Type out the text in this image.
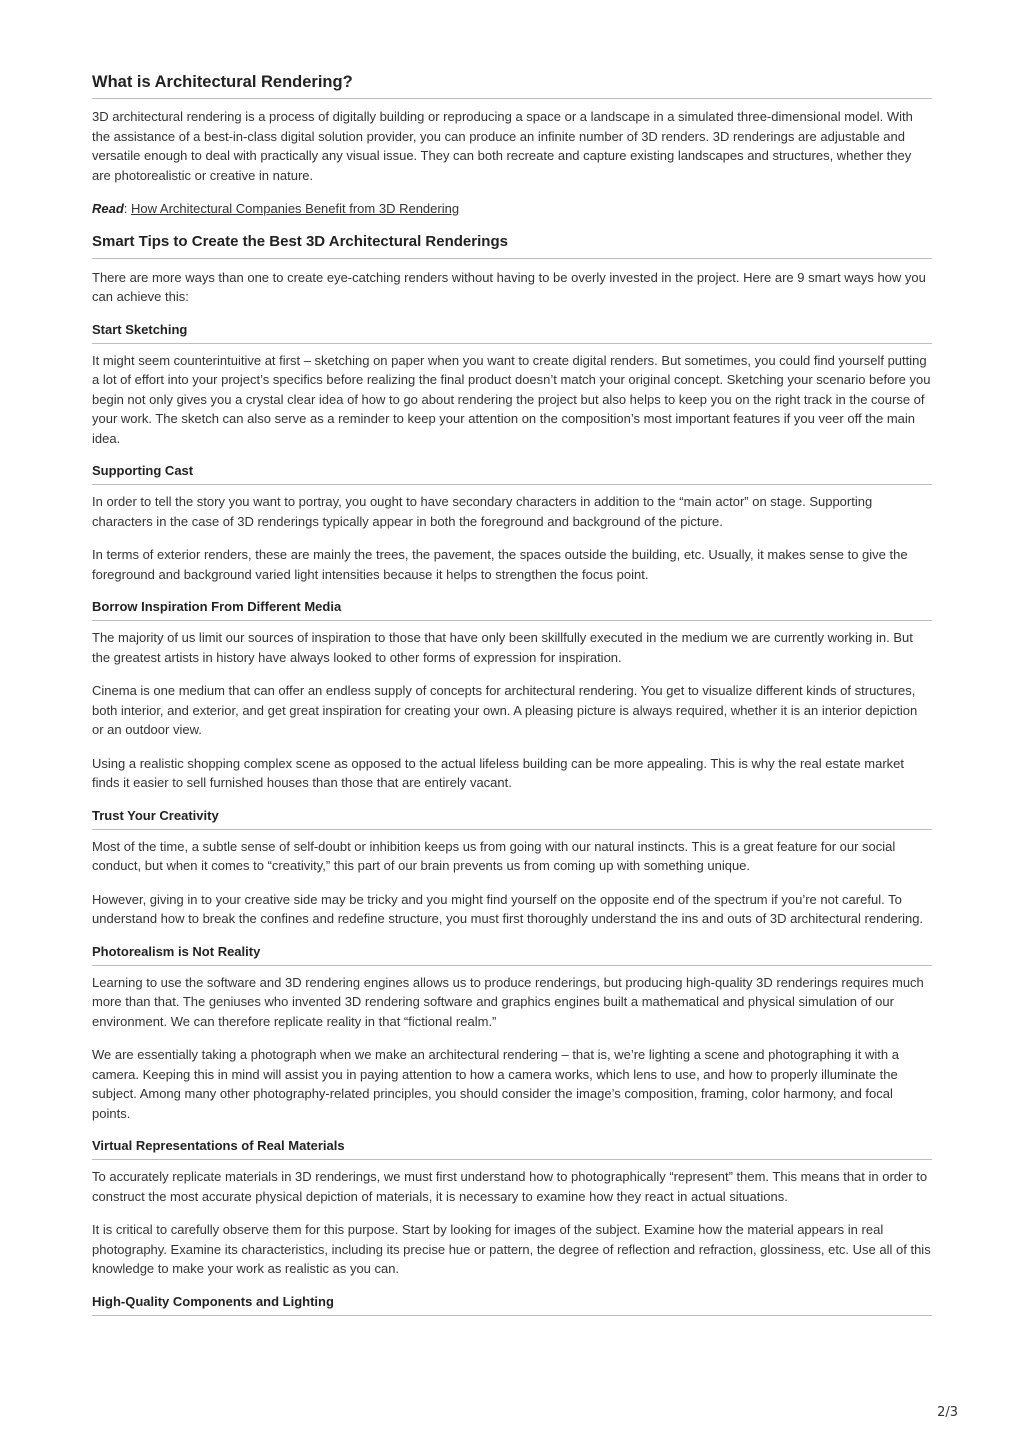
What is Architectural Rendering?

3D architectural rendering is a process of digitally building or reproducing a space or a landscape in a simulated three-dimensional model. With the assistance of a best-in-class digital solution provider, you can produce an infinite number of 3D renders. 3D renderings are adjustable and versatile enough to deal with practically any visual issue. They can both recreate and capture existing landscapes and structures, whether they are photorealistic or creative in nature.

Read: How Architectural Companies Benefit from 3D Rendering

Smart Tips to Create the Best 3D Architectural Renderings

There are more ways than one to create eye-catching renders without having to be overly invested in the project. Here are 9 smart ways how you can achieve this:

Start Sketching

It might seem counterintuitive at first – sketching on paper when you want to create digital renders. But sometimes, you could find yourself putting a lot of effort into your project’s specifics before realizing the final product doesn’t match your original concept. Sketching your scenario before you begin not only gives you a crystal clear idea of how to go about rendering the project but also helps to keep you on the right track in the course of your work. The sketch can also serve as a reminder to keep your attention on the composition’s most important features if you veer off the main idea.

Supporting Cast

In order to tell the story you want to portray, you ought to have secondary characters in addition to the “main actor” on stage. Supporting characters in the case of 3D renderings typically appear in both the foreground and background of the picture.

In terms of exterior renders, these are mainly the trees, the pavement, the spaces outside the building, etc. Usually, it makes sense to give the foreground and background varied light intensities because it helps to strengthen the focus point.

Borrow Inspiration From Different Media

The majority of us limit our sources of inspiration to those that have only been skillfully executed in the medium we are currently working in. But the greatest artists in history have always looked to other forms of expression for inspiration.

Cinema is one medium that can offer an endless supply of concepts for architectural rendering. You get to visualize different kinds of structures, both interior, and exterior, and get great inspiration for creating your own. A pleasing picture is always required, whether it is an interior depiction or an outdoor view.

Using a realistic shopping complex scene as opposed to the actual lifeless building can be more appealing. This is why the real estate market finds it easier to sell furnished houses than those that are entirely vacant.

Trust Your Creativity

Most of the time, a subtle sense of self-doubt or inhibition keeps us from going with our natural instincts. This is a great feature for our social conduct, but when it comes to “creativity,” this part of our brain prevents us from coming up with something unique.

However, giving in to your creative side may be tricky and you might find yourself on the opposite end of the spectrum if you’re not careful. To understand how to break the confines and redefine structure, you must first thoroughly understand the ins and outs of 3D architectural rendering.

Photorealism is Not Reality

Learning to use the software and 3D rendering engines allows us to produce renderings, but producing high-quality 3D renderings requires much more than that. The geniuses who invented 3D rendering software and graphics engines built a mathematical and physical simulation of our environment. We can therefore replicate reality in that “fictional realm.”

We are essentially taking a photograph when we make an architectural rendering – that is, we’re lighting a scene and photographing it with a camera. Keeping this in mind will assist you in paying attention to how a camera works, which lens to use, and how to properly illuminate the subject. Among many other photography-related principles, you should consider the image’s composition, framing, color harmony, and focal points.

Virtual Representations of Real Materials

To accurately replicate materials in 3D renderings, we must first understand how to photographically “represent” them. This means that in order to construct the most accurate physical depiction of materials, it is necessary to examine how they react in actual situations.

It is critical to carefully observe them for this purpose. Start by looking for images of the subject. Examine how the material appears in real photography. Examine its characteristics, including its precise hue or pattern, the degree of reflection and refraction, glossiness, etc. Use all of this knowledge to make your work as realistic as you can.

High-Quality Components and Lighting
2/3
